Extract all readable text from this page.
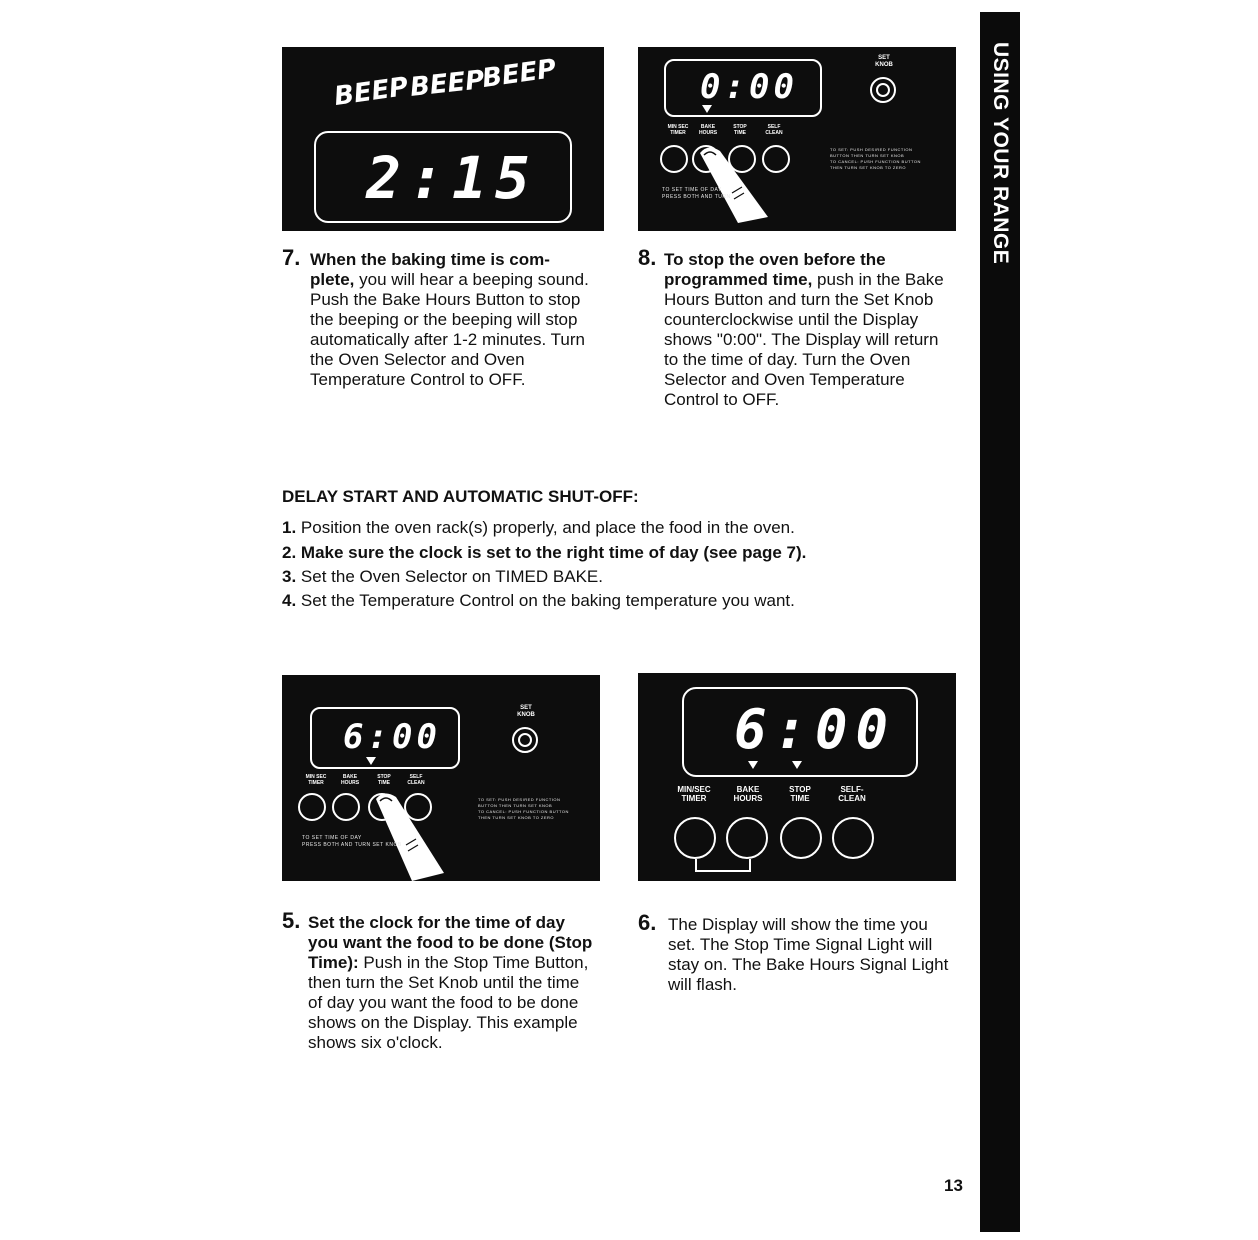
USING YOUR RANGE
BEEP
BEEP
BEEP
2:15
0:00
SET
KNOB
MIN SEC
TIMER
BAKE
HOURS
STOP
TIME
SELF
CLEAN
TO SET TIME OF DAY
PRESS BOTH AND TURN
TO SET: PUSH DESIRED FUNCTION
BUTTON THEN TURN SET KNOB
TO CANCEL: PUSH FUNCTION BUTTON
THEN TURN SET KNOB TO ZERO
7. When the baking time is com-
plete, you will hear a beeping sound. Push the Bake Hours Button to stop the beeping or the beeping will stop automatically after 1-2 minutes. Turn the Oven Selector and Oven Temperature Control to OFF.
8. To stop the oven before the programmed time, push in the Bake Hours Button and turn the Set Knob counterclockwise until the Display shows "0:00". The Display will return to the time of day. Turn the Oven Selector and Oven Temperature Control to OFF.
DELAY START AND AUTOMATIC SHUT-OFF:
1. Position the oven rack(s) properly, and place the food in the oven.
2. Make sure the clock is set to the right time of day (see page 7).
3. Set the Oven Selector on TIMED BAKE.
4. Set the Temperature Control on the baking temperature you want.
6:00
SET
KNOB
MIN SEC
TIMER
BAKE
HOURS
STOP
TIME
SELF
CLEAN
TO SET TIME OF DAY
PRESS BOTH AND TURN SET KNOB
TO SET: PUSH DESIRED FUNCTION
BUTTON THEN TURN SET KNOB
TO CANCEL: PUSH FUNCTION BUTTON
THEN TURN SET KNOB TO ZERO
6:00
MIN/SEC
TIMER
BAKE
HOURS
STOP
TIME
SELF-
CLEAN
5. Set the clock for the time of day you want the food to be done (Stop Time): Push in the Stop Time Button, then turn the Set Knob until the time of day you want the food to be done shows on the Display. This example shows six o'clock.
6. The Display will show the time you set. The Stop Time Signal Light will stay on. The Bake Hours Signal Light will flash.
13
